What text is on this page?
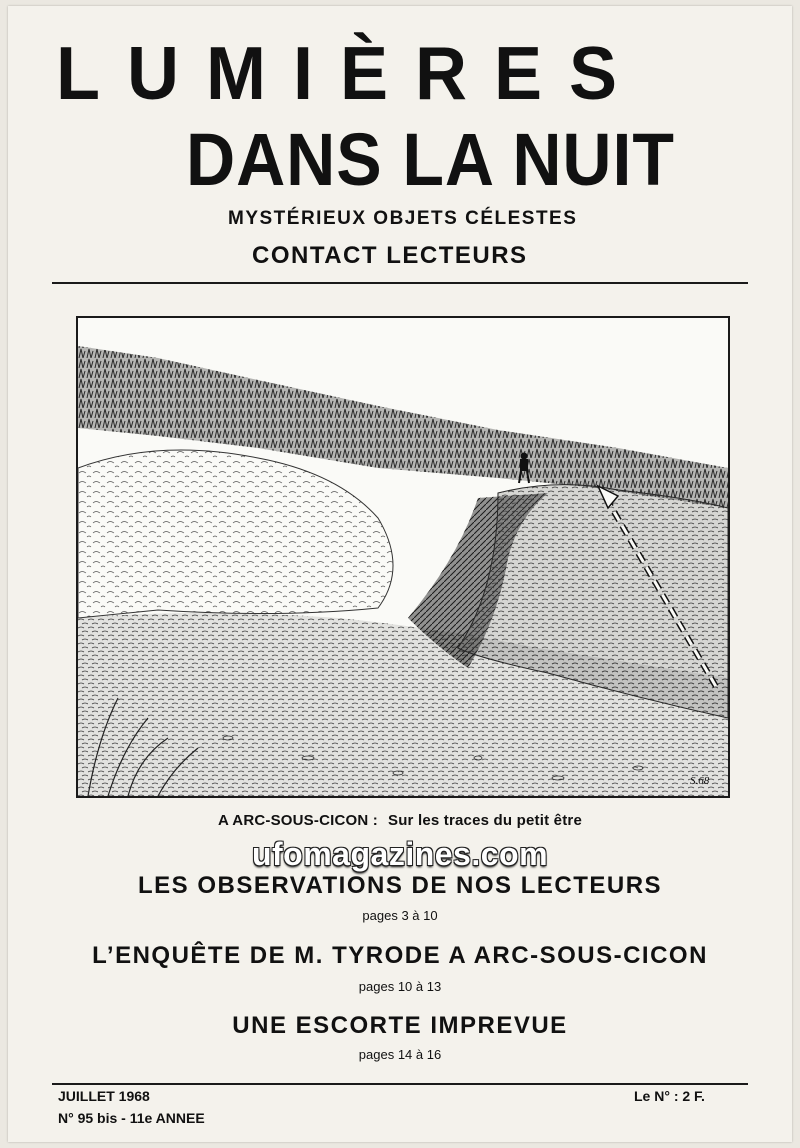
LUMIÈRES
DANS LA NUIT
MYSTÉRIEUX OBJETS CÉLESTES
CONTACT LECTEURS
S.68
A ARC-SOUS-CICON : Sur les traces du petit être
ufomagazines.com
LES OBSERVATIONS DE NOS LECTEURS
pages 3 à 10
L’ENQUÊTE DE M. TYRODE A ARC-SOUS-CICON
pages 10 à 13
UNE ESCORTE IMPREVUE
pages 14 à 16
JUILLET 1968
N° 95 bis - 11e ANNEE
Le N° : 2 F.
